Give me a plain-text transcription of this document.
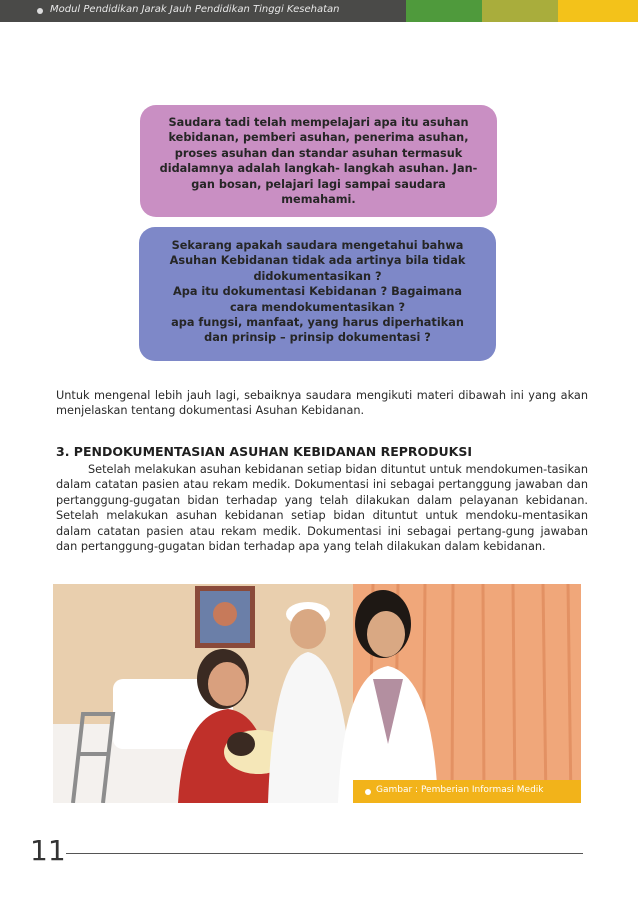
Modul Pendidikan Jarak Jauh Pendidikan Tinggi Kesehatan

Saudara tadi telah mempelajari apa itu asuhan

kebidanan, pemberi asuhan, penerima asuhan,

proses asuhan dan standar asuhan termasuk

didalamnya adalah langkah- langkah asuhan. Jan-

gan bosan, pelajari lagi sampai saudara

memahami.

Sekarang apakah saudara mengetahui bahwa

Asuhan Kebidanan tidak ada artinya bila tidak

didokumentasikan ?

Apa itu dokumentasi Kebidanan ? Bagaimana

cara mendokumentasikan ?

apa fungsi, manfaat, yang harus diperhatikan

dan prinsip – prinsip dokumentasi ?

Untuk mengenal lebih jauh lagi, sebaiknya saudara mengikuti materi dibawah ini yang akan menjelaskan tentang dokumentasi Asuhan Kebidanan.

3. PENDOKUMENTASIAN ASUHAN KEBIDANAN REPRODUKSI

Setelah melakukan asuhan kebidanan setiap bidan dituntut untuk mendokumen-tasikan dalam catatan pasien atau rekam medik. Dokumentasi ini sebagai pertanggung jawaban dan pertanggung-gugatan bidan terhadap yang telah dilakukan dalam pelayanan kebidanan. Setelah melakukan asuhan kebidanan setiap bidan dituntut untuk mendoku-mentasikan dalam catatan pasien atau rekam medik. Dokumentasi ini sebagai pertang-gung jawaban dan pertanggung-gugatan bidan terhadap apa yang telah dilakukan dalam kebidanan.

Gambar : Pemberian Informasi Medik
11
